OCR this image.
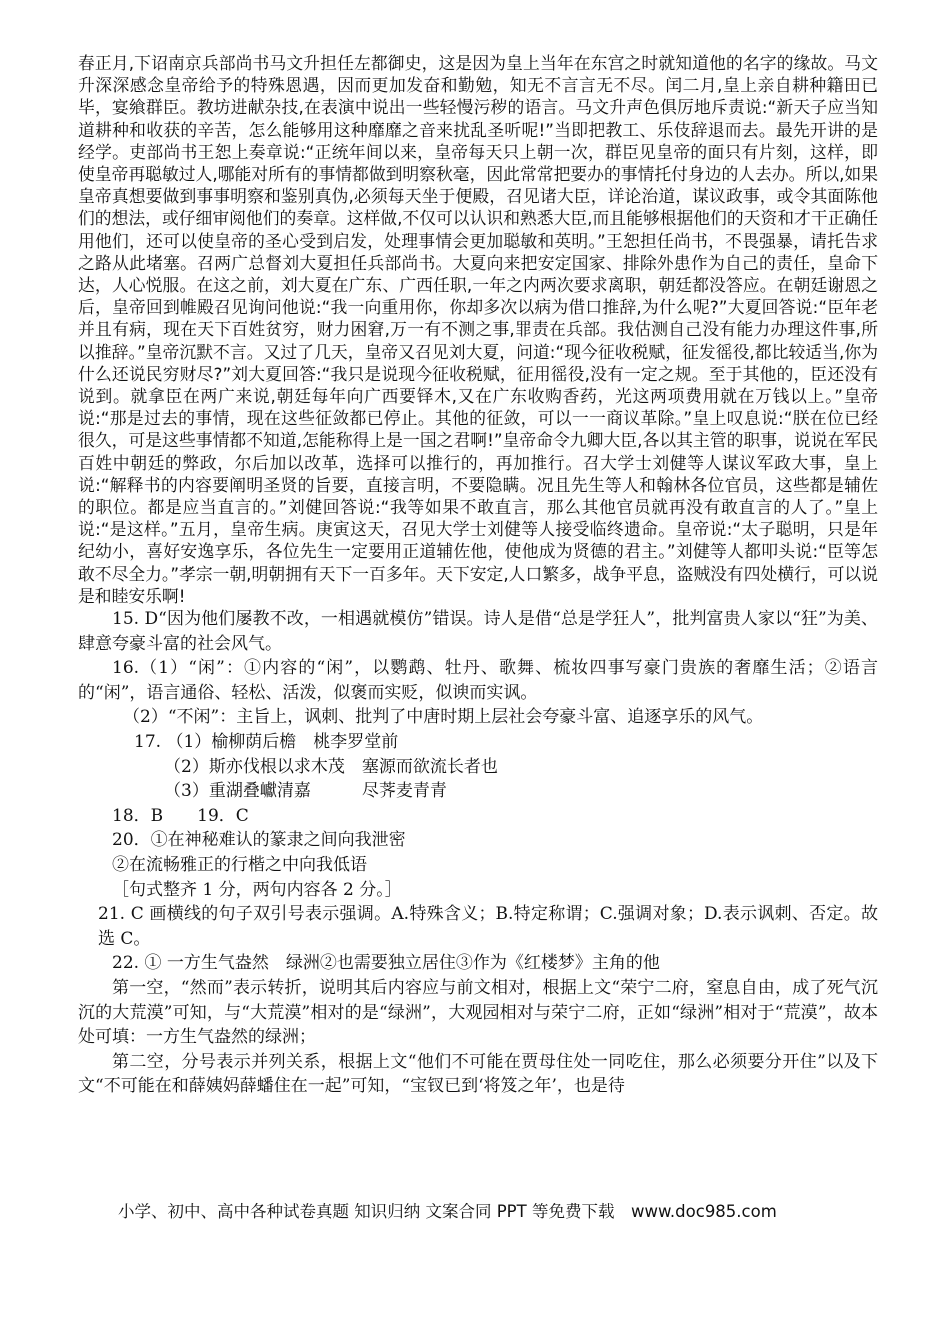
春正月,下诏南京兵部尚书马文升担任左都御史，这是因为皇上当年在东宫之时就知道他的名字的缘故。马文升深深感念皇帝给予的特殊恩遇，因而更加发奋和勤勉，知无不言言无不尽。闰二月,皇上亲自耕种籍田已毕，宴飨群臣。教坊进献杂技,在表演中说出一些轻慢污秽的语言。马文升声色俱厉地斥责说:“新天子应当知道耕种和收获的辛苦，怎么能够用这种靡靡之音来扰乱圣听呢!”当即把教工、乐伎辞退而去。最先开讲的是经学。吏部尚书王恕上奏章说:“正统年间以来，皇帝每天只上朝一次，群臣见皇帝的面只有片刻，这样，即使皇帝再聪敏过人,哪能对所有的事情都做到明察秋毫，因此常常把要办的事情托付身边的人去办。所以,如果皇帝真想要做到事事明察和鉴别真伪,必须每天坐于便殿，召见诸大臣，详论治道，谋议政事，或令其面陈他们的想法，或仔细审阅他们的奏章。这样做,不仅可以认识和熟悉大臣,而且能够根据他们的天资和才干正确任用他们，还可以使皇帝的圣心受到启发，处理事情会更加聪敏和英明。”王恕担任尚书，不畏强暴，请托告求之路从此堵塞。召两广总督刘大夏担任兵部尚书。大夏向来把安定国家、排除外患作为自己的责任，皇命下达，人心悦服。在这之前，刘大夏在广东、广西任职,一年之内两次要求离职，朝廷都没答应。在朝廷谢恩之后，皇帝回到帷殿召见询问他说:“我一向重用你，你却多次以病为借口推辞,为什么呢?”大夏回答说:“臣年老并且有病，现在天下百姓贫穷，财力困窘,万一有不测之事,罪责在兵部。我估测自己没有能力办理这件事,所以推辞。”皇帝沉默不言。又过了几天，皇帝又召见刘大夏，问道:“现今征收税赋，征发徭役,都比较适当,你为什么还说民穷财尽?”刘大夏回答:“我只是说现今征收税赋，征用徭役,没有一定之规。至于其他的，臣还没有说到。就拿臣在两广来说,朝廷每年向广西要铎木,又在广东收购香药，光这两项费用就在万钱以上。”皇帝说:“那是过去的事情，现在这些征敛都已停止。其他的征敛，可以一一商议革除。”皇上叹息说:“朕在位已经很久，可是这些事情都不知道,怎能称得上是一国之君啊!”皇帝命令九卿大臣,各以其主管的职事，说说在军民百姓中朝廷的弊政，尔后加以改革，选择可以推行的，再加推行。召大学士刘健等人谋议军政大事，皇上说:“解释书的内容要阐明圣贤的旨要，直接言明，不要隐瞒。况且先生等人和翰林各位官员，这些都是辅佐的职位。都是应当直言的。”刘健回答说:“我等如果不敢直言，那么其他官员就再没有敢直言的人了。”皇上说:“是这样。”五月，皇帝生病。庚寅这天，召见大学士刘健等人接受临终遗命。皇帝说:“太子聪明，只是年纪幼小，喜好安逸享乐，各位先生一定要用正道辅佐他，使他成为贤德的君主。”刘健等人都叩头说:“臣等怎敢不尽全力。”孝宗一朝,明朝拥有天下一百多年。天下安定,人口繁多，战争平息，盗贼没有四处横行，可以说是和睦安乐啊!

15. D“因为他们屡教不改，一相遇就模仿”错误。诗人是借“总是学狂人”，批判富贵人家以“狂”为美、肆意夸豪斗富的社会风气。

16.（1）“闲”：①内容的“闲”，以鹦鹉、牡丹、歌舞、梳妆四事写豪门贵族的奢靡生活；②语言的“闲”，语言通俗、轻松、活泼，似褒而实贬，似谀而实讽。

（2）“不闲”：主旨上，讽刺、批判了中唐时期上层社会夸豪斗富、追逐享乐的风气。

17. （1）榆柳荫后檐　桃李罗堂前

（2）斯亦伐根以求木茂　塞源而欲流长者也

（3）重湖叠巘清嘉　　　尽荠麦青青

18．B　　19．C

20．①在神秘难认的篆隶之间向我泄密

②在流畅雅正的行楷之中向我低语

［句式整齐 1 分，两句内容各 2 分。］

21. C 画横线的句子双引号表示强调。A.特殊含义；B.特定称谓；C.强调对象；D.表示讽刺、否定。故选 C。

22. ① 一方生气盎然　绿洲②也需要独立居住③作为《红楼梦》主角的他

第一空，“然而”表示转折，说明其后内容应与前文相对，根据上文“荣宁二府，窒息自由，成了死气沉沉的大荒漠”可知，与“大荒漠”相对的是“绿洲”，大观园相对与荣宁二府，正如“绿洲”相对于“荒漠”，故本处可填：一方生气盎然的绿洲；

第二空，分号表示并列关系，根据上文“他们不可能在贾母住处一同吃住，那么必须要分开住”以及下文“不可能在和薛姨妈薛蟠住在一起”可知，“宝钗已到‘将笈之年’，也是待

小学、初中、高中各种试卷真题 知识归纳 文案合同 PPT 等免费下载　www.doc985.com
